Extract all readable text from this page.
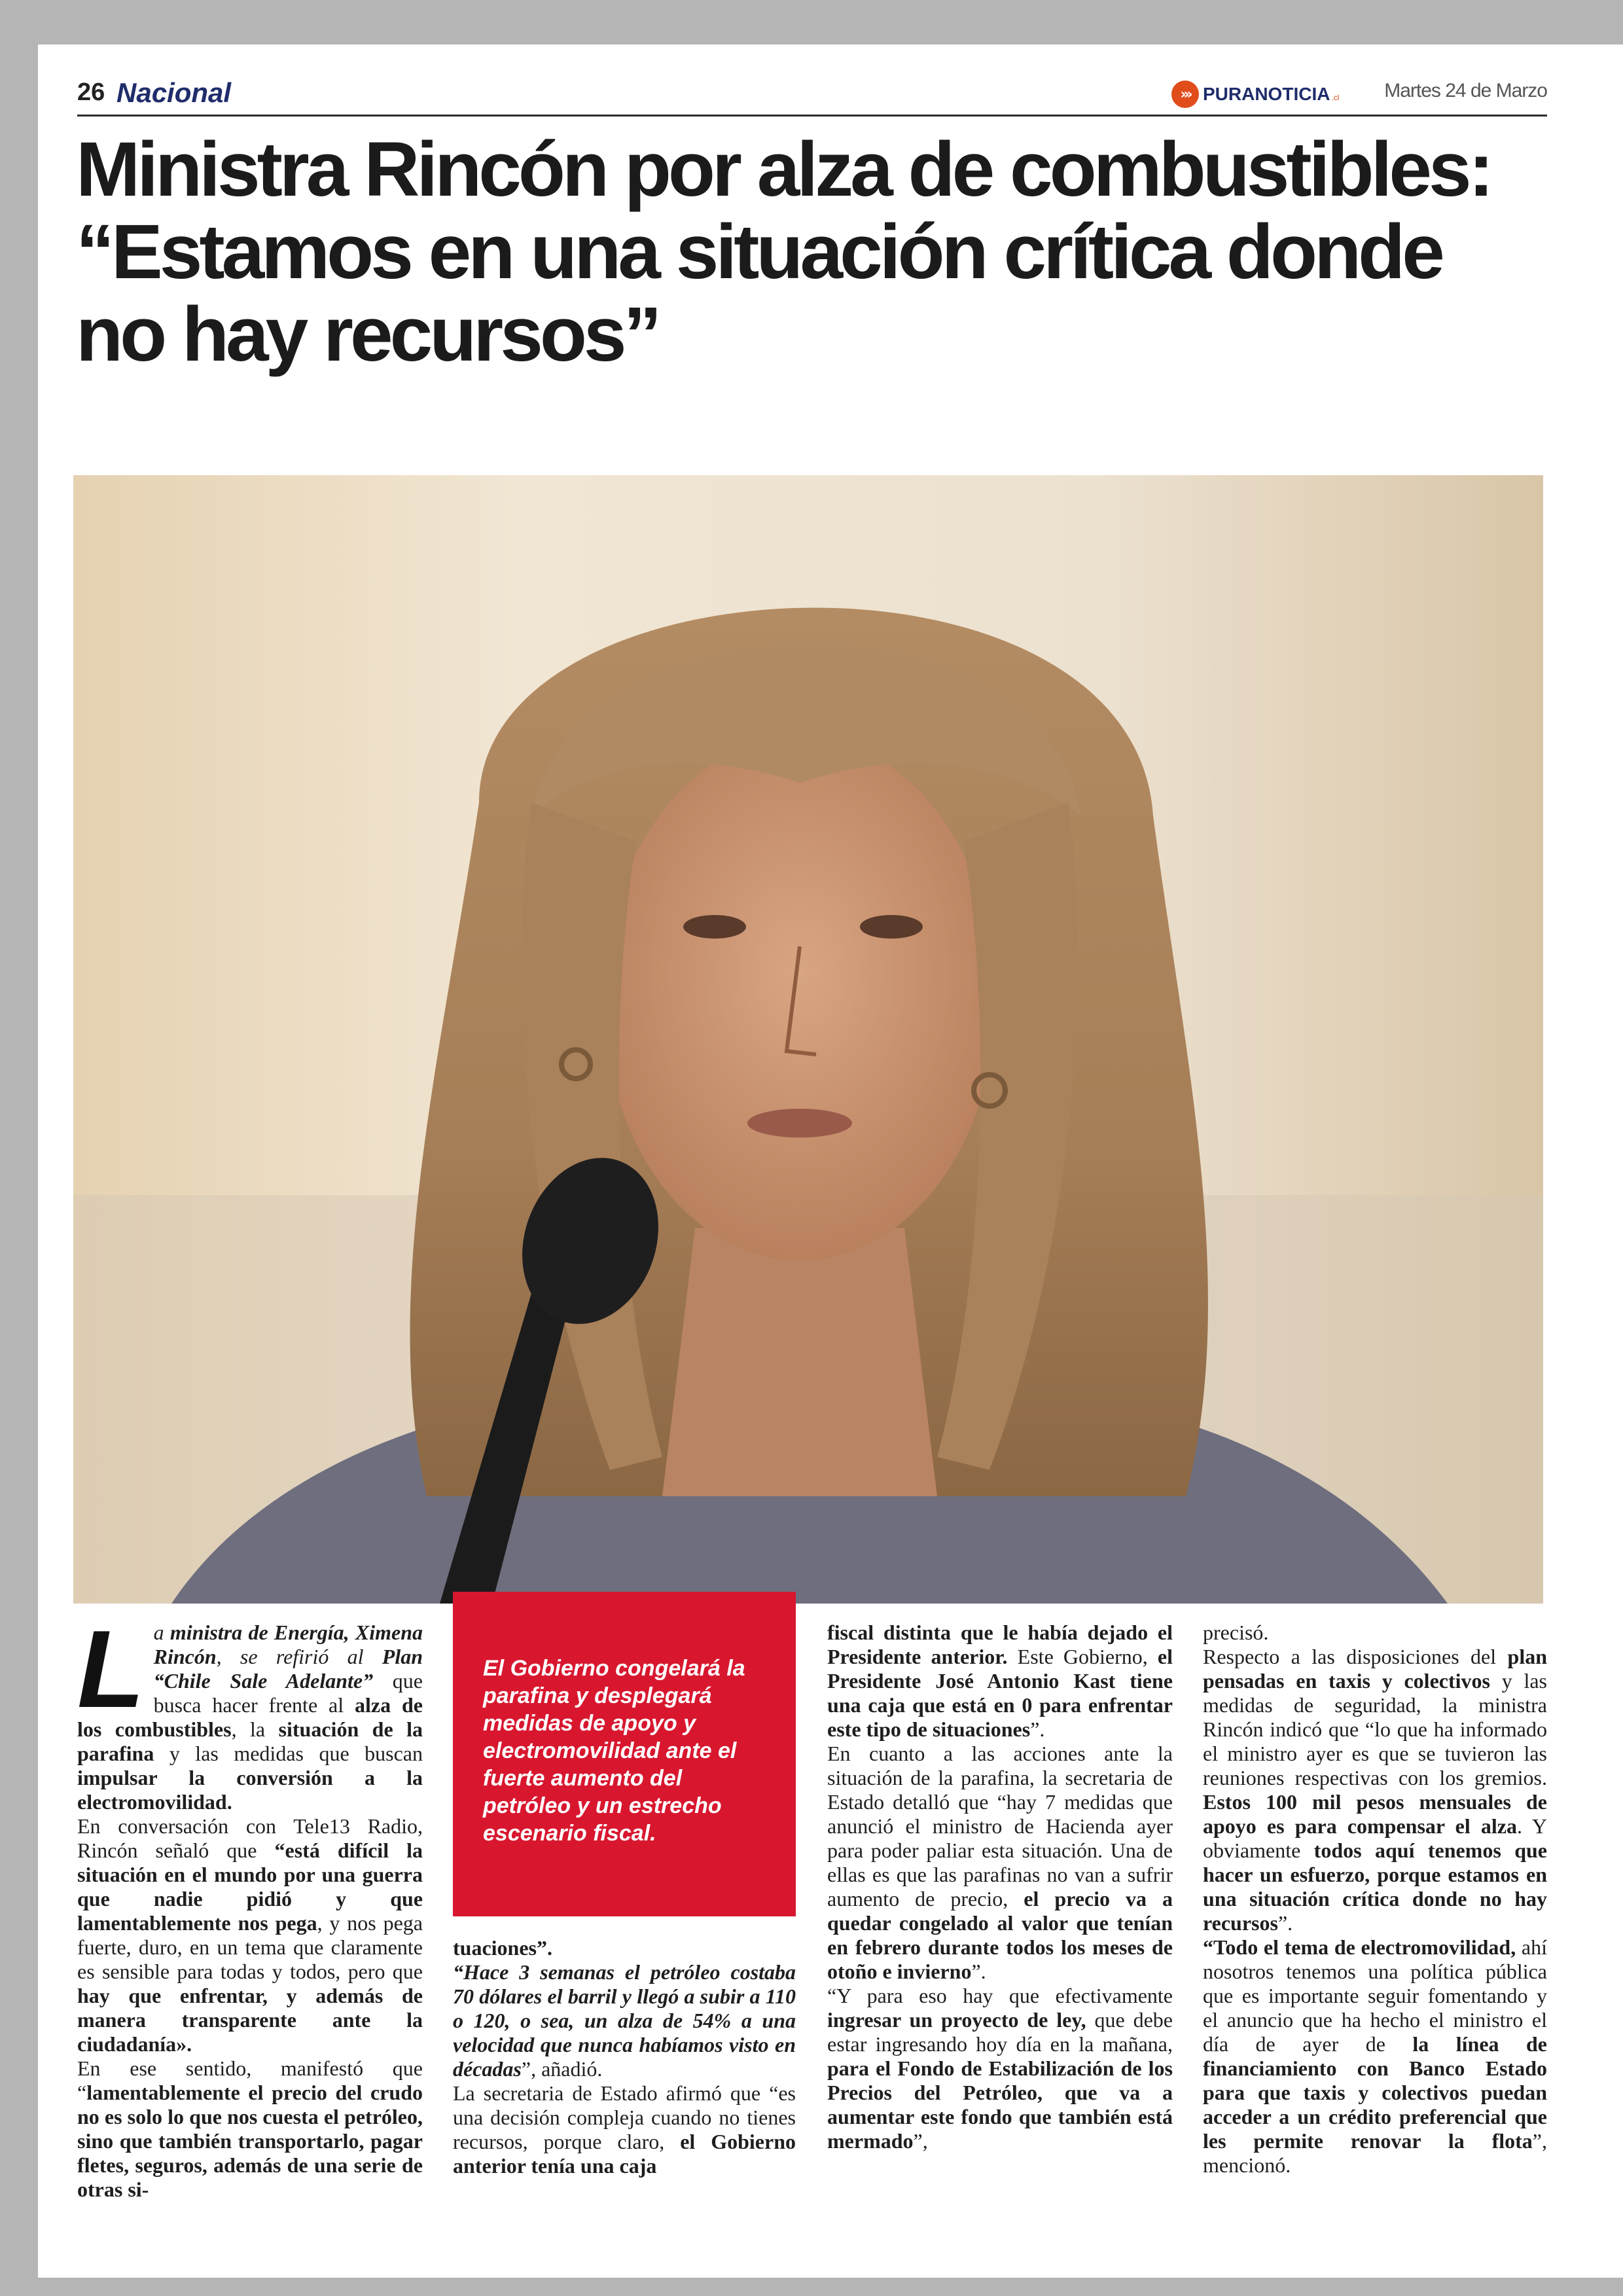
26 Nacional	››› PURANOTICIA .cl Martes 24 de Marzo
Ministra Rincón por alza de combustibles: “Estamos en una situación crítica donde no hay recursos”

El Gobierno congelará la parafina y desplegará medidas de apoyo y electromovilidad ante el fuerte aumento del petróleo y un estrecho escenario fiscal.

L a ministra de Energía, Ximena Rincón, se refirió al Plan “Chile Sale Adelante” que busca hacer frente al alza de los combustibles, la situación de la parafina y las medidas que buscan impulsar la conversión a la electromovilidad.

En conversación con Tele13 Radio, Rincón señaló que “está difícil la situación en el mundo por una guerra que nadie pidió y que lamentablemente nos pega, y nos pega fuerte, duro, en un tema que claramente es sensible para todas y todos, pero que hay que enfrentar, y además de manera transparente ante la ciudadanía».

En ese sentido, manifestó que “lamentablemente el precio del crudo no es solo lo que nos cuesta el petróleo, sino que también transportarlo, pagar fletes, seguros, además de una serie de otras si-

tuaciones”.

“Hace 3 semanas el petróleo costaba 70 dólares el barril y llegó a subir a 110 o 120, o sea, un alza de 54% a una velocidad que nunca habíamos visto en décadas”, añadió.

La secretaria de Estado afirmó que “es una decisión compleja cuando no tienes recursos, porque claro, el Gobierno anterior tenía una caja

fiscal distinta que le había dejado el Presidente anterior. Este Gobierno, el Presidente José Antonio Kast tiene una caja que está en 0 para enfrentar este tipo de situaciones”.

En cuanto a las acciones ante la situación de la parafina, la secretaria de Estado detalló que “hay 7 medidas que anunció el ministro de Hacienda ayer para poder paliar esta situación. Una de ellas es que las parafinas no van a sufrir aumento de precio, el precio va a quedar congelado al valor que tenían en febrero durante todos los meses de otoño e invierno”.

“Y para eso hay que efectivamente ingresar un proyecto de ley, que debe estar ingresando hoy día en la mañana, para el Fondo de Estabilización de los Precios del Petróleo, que va a aumentar este fondo que también está mermado”,

precisó.

Respecto a las disposiciones del plan pensadas en taxis y colectivos y las medidas de seguridad, la ministra Rincón indicó que “lo que ha informado el ministro ayer es que se tuvieron las reuniones respectivas con los gremios. Estos 100 mil pesos mensuales de apoyo es para compensar el alza. Y obviamente todos aquí tenemos que hacer un esfuerzo, porque estamos en una situación crítica donde no hay recursos”.

“Todo el tema de electromovilidad, ahí nosotros tenemos una política pública que es importante seguir fomentando y el anuncio que ha hecho el ministro el día de ayer de la línea de financiamiento con Banco Estado para que taxis y colectivos puedan acceder a un crédito preferencial que les permite renovar la flota”, mencionó.
